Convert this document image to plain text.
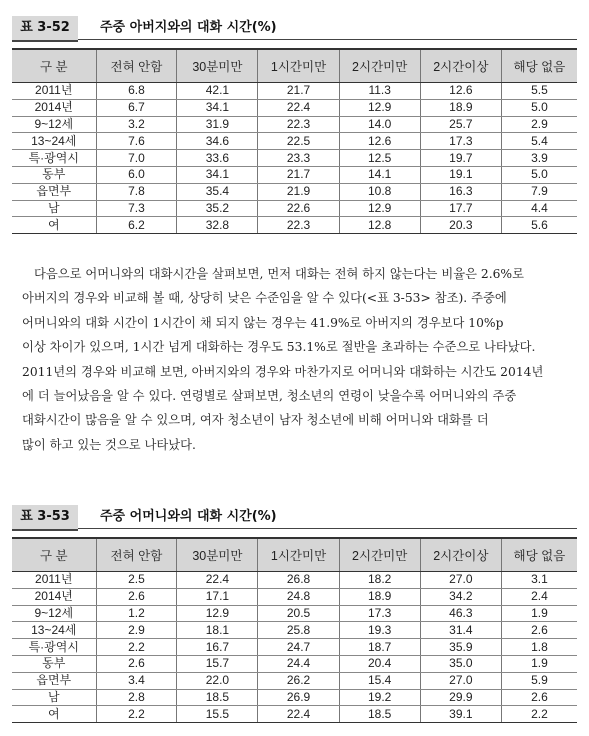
표 3-52	주중 아버지와의 대화 시간(%)
구 분	전혀 안함	30분미만	1시간미만	2시간미만	2시간이상	해당 없음
2011년	6.8	42.1	21.7	11.3	12.6	5.5
2014년	6.7	34.1	22.4	12.9	18.9	5.0
9~12세	3.2	31.9	22.3	14.0	25.7	2.9
13~24세	7.6	34.6	22.5	12.6	17.3	5.4
특·광역시	7.0	33.6	23.3	12.5	19.7	3.9
동부	6.0	34.1	21.7	14.1	19.1	5.0
읍면부	7.8	35.4	21.9	10.8	16.3	7.9
남	7.3	35.2	22.6	12.9	17.7	4.4
여	6.2	32.8	22.3	12.8	20.3	5.6
다음으로 어머니와의 대화시간을 살펴보면, 먼저 대화는 전혀 하지 않는다는 비율은 2.6%로
아버지의 경우와 비교해 볼 때, 상당히 낮은 수준임을 알 수 있다(<표 3-53> 참조). 주중에
어머니와의 대화 시간이 1시간이 채 되지 않는 경우는 41.9%로 아버지의 경우보다 10%p
이상 차이가 있으며, 1시간 넘게 대화하는 경우도 53.1%로 절반을 초과하는 수준으로 나타났다.
2011년의 경우와 비교해 보면, 아버지와의 경우와 마찬가지로 어머니와 대화하는 시간도 2014년
에 더 늘어났음을 알 수 있다. 연령별로 살펴보면, 청소년의 연령이 낮을수록 어머니와의 주중
대화시간이 많음을 알 수 있으며, 여자 청소년이 남자 청소년에 비해 어머니와 대화를 더
많이 하고 있는 것으로 나타났다.
표 3-53	주중 어머니와의 대화 시간(%)
구 분	전혀 안함	30분미만	1시간미만	2시간미만	2시간이상	해당 없음
2011년	2.5	22.4	26.8	18.2	27.0	3.1
2014년	2.6	17.1	24.8	18.9	34.2	2.4
9~12세	1.2	12.9	20.5	17.3	46.3	1.9
13~24세	2.9	18.1	25.8	19.3	31.4	2.6
특·광역시	2.2	16.7	24.7	18.7	35.9	1.8
동부	2.6	15.7	24.4	20.4	35.0	1.9
읍면부	3.4	22.0	26.2	15.4	27.0	5.9
남	2.8	18.5	26.9	19.2	29.9	2.6
여	2.2	15.5	22.4	18.5	39.1	2.2
